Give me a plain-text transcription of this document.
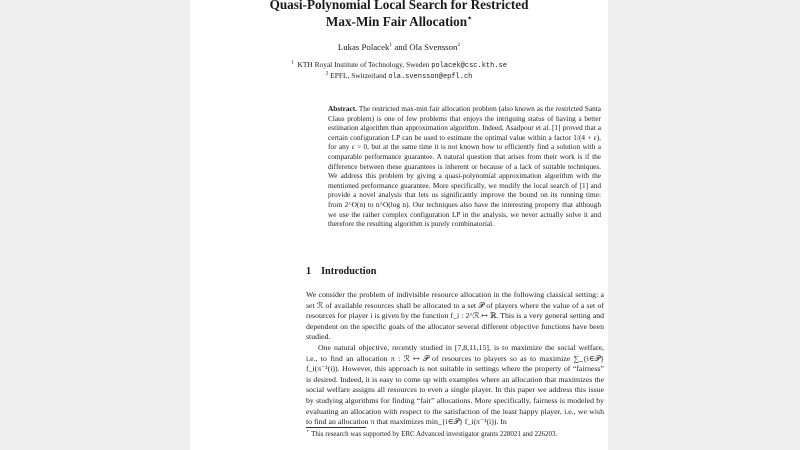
Quasi-Polynomial Local Search for Restricted
Max-Min Fair Allocation⋆
Lukas Polacek$^1$ and Ola Svensson$^2$
$^1$ KTH Royal Institute of Technology, Sweden polacek@csc.kth.se
$^2$ EPFL, Switzerland ola.svensson@epfl.ch
Abstract. The restricted max-min fair allocation problem (also known as the restricted Santa Claus problem) is one of few problems that enjoys the intriguing status of having a better estimation algorithm than approximation algorithm. Indeed, Asadpour et al. [1] proved that a certain configuration LP can be used to estimate the optimal value within a factor 1/(4 + ε), for any ε > 0, but at the same time it is not known how to efficiently find a solution with a comparable performance guarantee. A natural question that arises from their work is if the difference between these guarantees is inherent or because of a lack of suitable techniques. We address this problem by giving a quasi-polynomial approximation algorithm with the mentioned performance guarantee. More specifically, we modify the local search of [1] and provide a novel analysis that lets us significantly improve the bound on its running time: from 2^O(n) to n^O(log n). Our techniques also have the interesting property that although we use the rather complex configuration LP in the analysis, we never actually solve it and therefore the resulting algorithm is purely combinatorial.
1 Introduction

We consider the problem of indivisible resource allocation in the following classical setting: a set ℛ of available resources shall be allocated to a set 𝒫 of players where the value of a set of resources for player i is given by the function f_i : 2^ℛ ↦ ℝ. This is a very general setting and dependent on the specific goals of the allocator several different objective functions have been studied.

One natural objective, recently studied in [7,8,11,15], is to maximize the social welfare, i.e., to find an allocation π : ℛ ↦ 𝒫 of resources to players so as to maximize ∑_{i∈𝒫} f_i(π⁻¹(i)). However, this approach is not suitable in settings where the property of “fairness” is desired. Indeed, it is easy to come up with examples where an allocation that maximizes the social welfare assigns all resources to even a single player. In this paper we address this issue by studying algorithms for finding “fair” allocations. More specifically, fairness is modeled by evaluating an allocation with respect to the satisfaction of the least happy player, i.e., we wish to find an allocation π that maximizes min_{i∈𝒫} f_i(π⁻¹(i)). In

⋆ This research was supported by ERC Advanced investigator grants 228021 and 226203.
